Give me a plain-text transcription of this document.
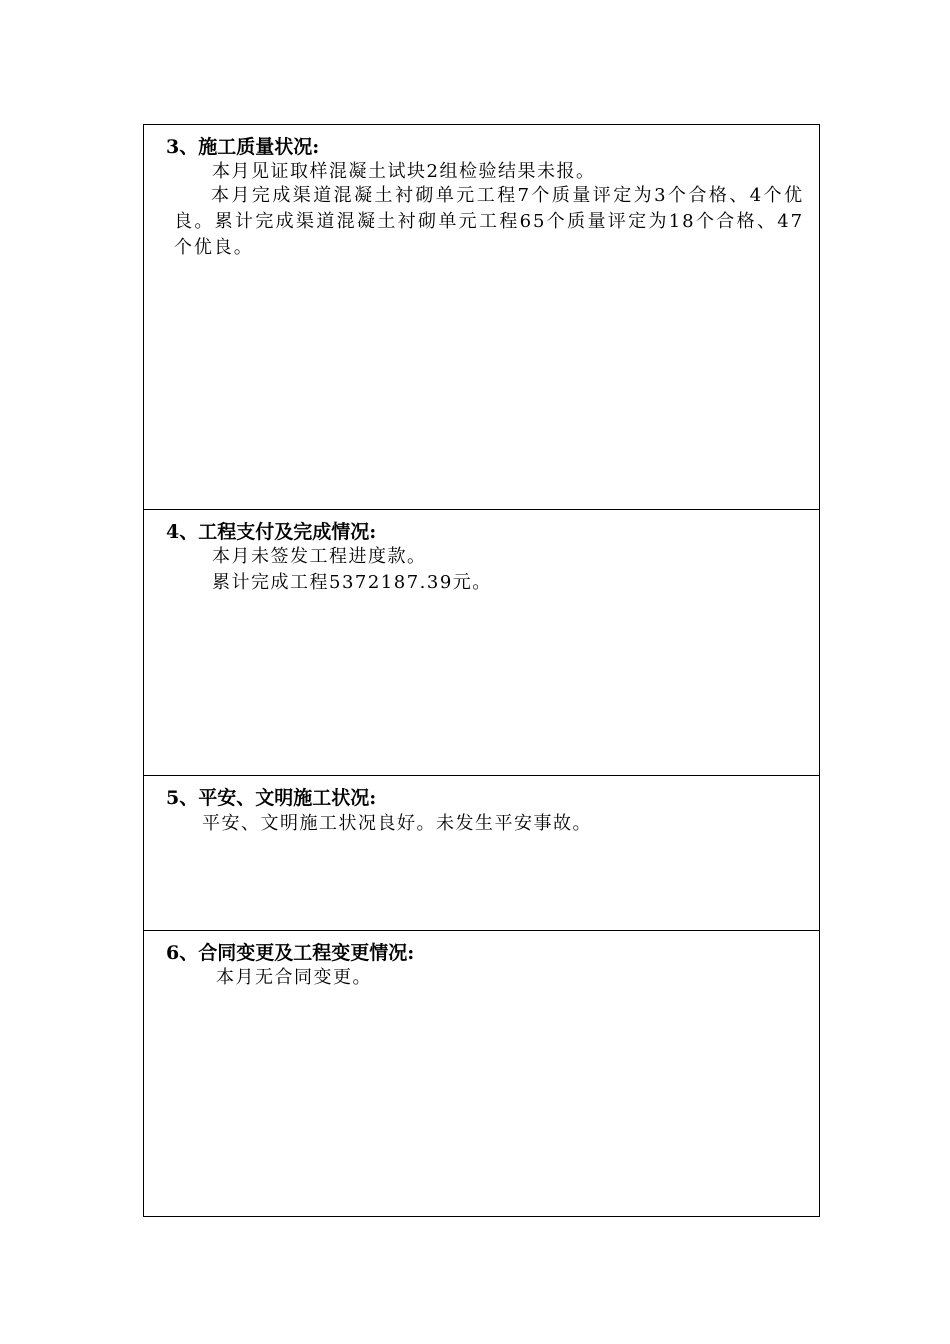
3、施工质量状况:
本月见证取样混凝土试块2组检验结果未报。
本月完成渠道混凝土衬砌单元工程7个质量评定为3个合格、4个优良。累计完成渠道混凝土衬砌单元工程65个质量评定为18个合格、47个优良。
4、工程支付及完成情况:
本月未签发工程进度款。
累计完成工程5372187.39元。
5、平安、文明施工状况:
平安、文明施工状况良好。未发生平安事故。
6、合同变更及工程变更情况:
本月无合同变更。
